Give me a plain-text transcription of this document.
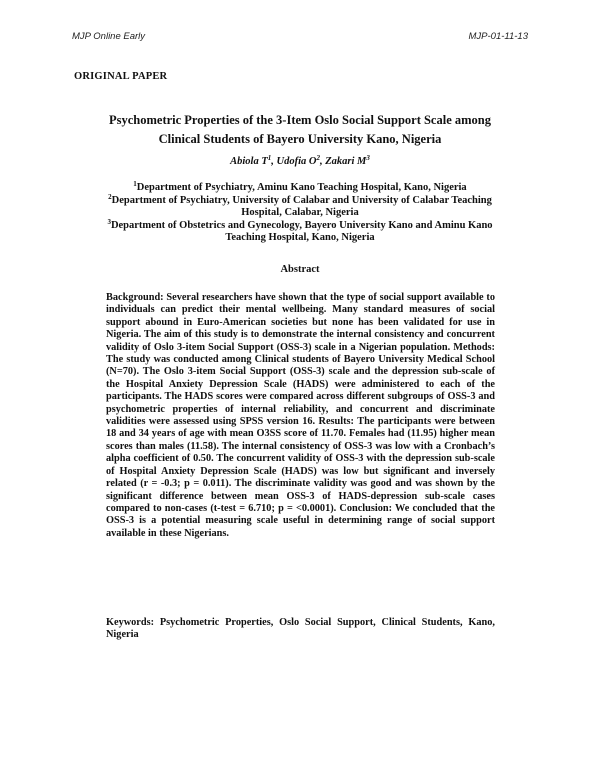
MJP Online Early	MJP-01-11-13
ORIGINAL PAPER
Psychometric Properties of the 3-Item Oslo Social Support Scale among Clinical Students of Bayero University Kano, Nigeria
Abiola $T^1$, Udofia $O^2$, Zakari $M^3$

$^1$Department of Psychiatry, Aminu Kano Teaching Hospital, Kano, Nigeria

$^2$Department of Psychiatry, University of Calabar and University of Calabar Teaching Hospital, Calabar, Nigeria

$^3$Department of Obstetrics and Gynecology, Bayero University Kano and Aminu Kano Teaching Hospital, Kano, Nigeria

Abstract

Background: Several researchers have shown that the type of social support available to individuals can predict their mental wellbeing. Many standard measures of social support abound in Euro-American societies but none has been validated for use in Nigeria. The aim of this study is to demonstrate the internal consistency and concurrent validity of Oslo 3-item Social Support (OSS-3) scale in a Nigerian population. Methods: The study was conducted among Clinical students of Bayero University Medical School (N=70). The Oslo 3-item Social Support (OSS-3) scale and the depression sub-scale of the Hospital Anxiety Depression Scale (HADS) were administered to each of the participants. The HADS scores were compared across different subgroups of OSS-3 and psychometric properties of internal reliability, and concurrent and discriminate validities were assessed using SPSS version 16. Results: The participants were between 18 and 34 years of age with mean O3SS score of 11.70. Females had (11.95) higher mean scores than males (11.58). The internal consistency of OSS-3 was low with a Cronbach’s alpha coefficient of 0.50. The concurrent validity of OSS-3 with the depression sub-scale of Hospital Anxiety Depression Scale (HADS) was low but significant and inversely related (r = -0.3; p = 0.011). The discriminate validity was good and was shown by the significant difference between mean OSS-3 of HADS-depression sub-scale cases compared to non-cases (t-test = 6.710; p = <0.0001). Conclusion: We concluded that the OSS-3 is a potential measuring scale useful in determining range of social support available in these Nigerians.

Keywords: Psychometric Properties, Oslo Social Support, Clinical Students, Kano, Nigeria
